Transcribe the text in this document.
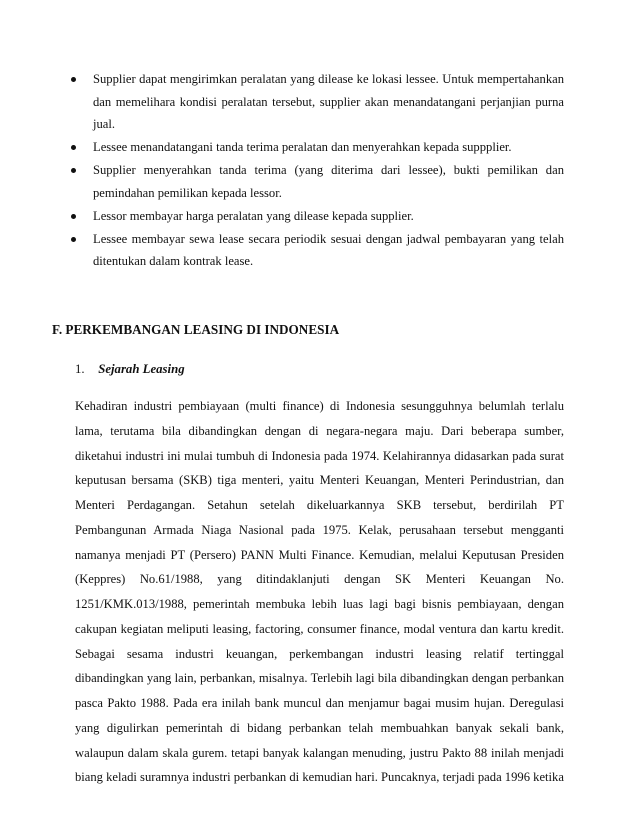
Supplier dapat mengirimkan peralatan yang dilease ke lokasi lessee. Untuk mempertahankan dan memelihara kondisi peralatan tersebut, supplier akan menandatangani perjanjian purna jual.
Lessee menandatangani tanda terima peralatan dan menyerahkan kepada suppplier.
Supplier menyerahkan tanda terima (yang diterima dari lessee), bukti pemilikan dan pemindahan pemilikan kepada lessor.
Lessor membayar harga peralatan yang dilease kepada supplier.
Lessee membayar sewa lease secara periodik sesuai dengan jadwal pembayaran yang telah ditentukan dalam kontrak lease.
F. PERKEMBANGAN LEASING DI INDONESIA

1. Sejarah Leasing

Kehadiran industri pembiayaan (multi finance) di Indonesia sesungguhnya belumlah terlalu lama, terutama bila dibandingkan dengan di negara-negara maju. Dari beberapa sumber, diketahui industri ini mulai tumbuh di Indonesia pada 1974. Kelahirannya didasarkan pada surat keputusan bersama (SKB) tiga menteri, yaitu Menteri Keuangan, Menteri Perindustrian, dan Menteri Perdagangan. Setahun setelah dikeluarkannya SKB tersebut, berdirilah PT Pembangunan Armada Niaga Nasional pada 1975. Kelak, perusahaan tersebut mengganti namanya menjadi PT (Persero) PANN Multi Finance. Kemudian, melalui Keputusan Presiden (Keppres) No.61/1988, yang ditindaklanjuti dengan SK Menteri Keuangan No. 1251/KMK.013/1988, pemerintah membuka lebih luas lagi bagi bisnis pembiayaan, dengan cakupan kegiatan meliputi leasing, factoring, consumer finance, modal ventura dan kartu kredit. Sebagai sesama industri keuangan, perkembangan industri leasing relatif tertinggal dibandingkan yang lain, perbankan, misalnya. Terlebih lagi bila dibandingkan dengan perbankan pasca Pakto 1988. Pada era inilah bank muncul dan menjamur bagai musim hujan. Deregulasi yang digulirkan pemerintah di bidang perbankan telah membuahkan banyak sekali bank, walaupun dalam skala gurem. tetapi banyak kalangan menuding, justru Pakto 88 inilah menjadi biang keladi suramnya industri perbankan di kemudian hari. Puncaknya, terjadi pada 1996 ketika
